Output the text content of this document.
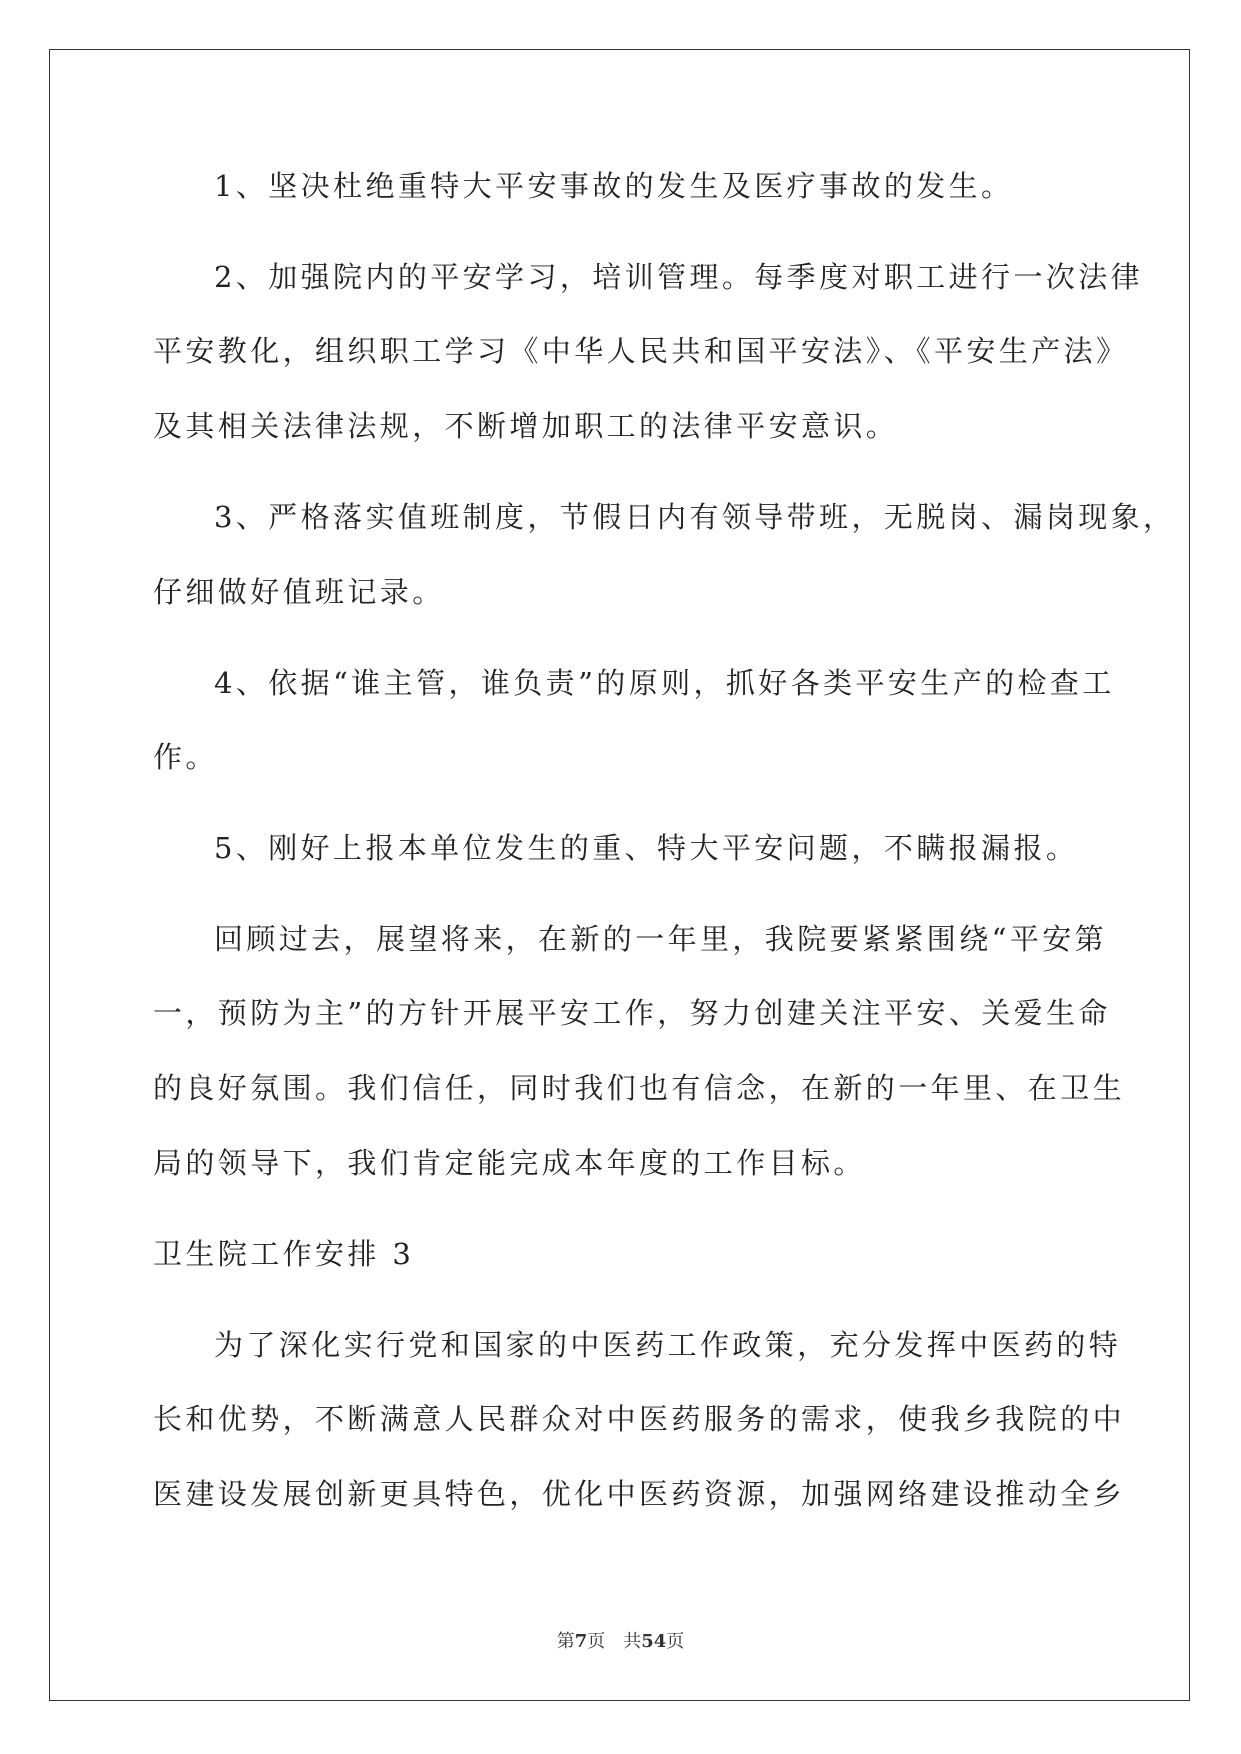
1、坚决杜绝重特大平安事故的发生及医疗事故的发生。
2、加强院内的平安学习，培训管理。每季度对职工进行一次法律
平安教化，组织职工学习《中华人民共和国平安法》、《平安生产法》
及其相关法律法规，不断增加职工的法律平安意识。
3、严格落实值班制度，节假日内有领导带班，无脱岗、漏岗现象，
仔细做好值班记录。
4、依据“谁主管，谁负责”的原则，抓好各类平安生产的检查工
作。
5、刚好上报本单位发生的重、特大平安问题，不瞒报漏报。
回顾过去，展望将来，在新的一年里，我院要紧紧围绕“平安第
一，预防为主”的方针开展平安工作，努力创建关注平安、关爱生命
的良好氛围。我们信任，同时我们也有信念，在新的一年里、在卫生
局的领导下，我们肯定能完成本年度的工作目标。
卫生院工作安排 3
为了深化实行党和国家的中医药工作政策，充分发挥中医药的特
长和优势，不断满意人民群众对中医药服务的需求，使我乡我院的中
医建设发展创新更具特色，优化中医药资源，加强网络建设推动全乡
第7页 共54页
